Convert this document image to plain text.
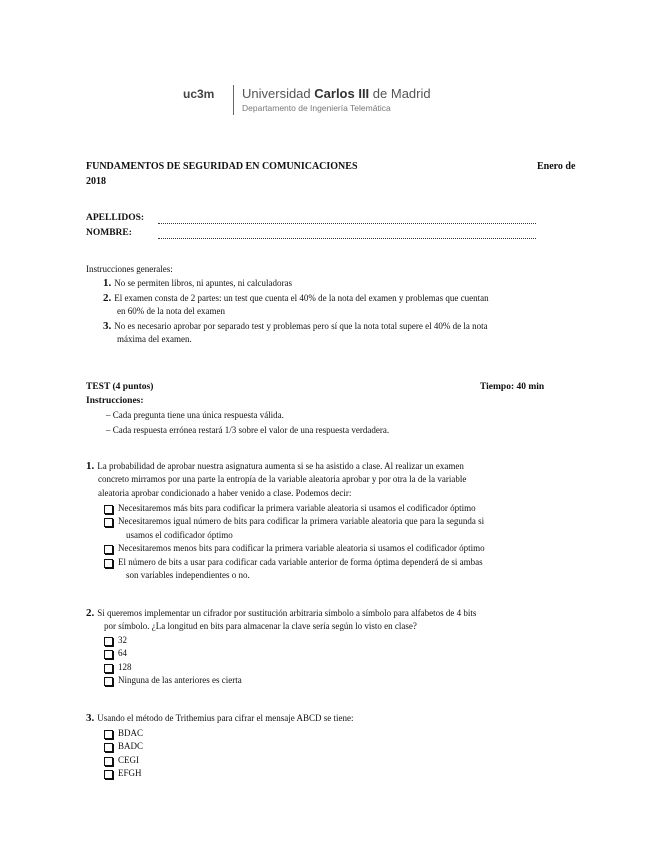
uc3m Universidad Carlos III de Madrid
Departamento de Ingeniería Telemática
FUNDAMENTOS DE SEGURIDAD EN COMUNICACIONES	Enero de
2018
APELLIDOS:
NOMBRE:
Instrucciones generales:
1. No se permiten libros, ni apuntes, ni calculadoras
2. El examen consta de 2 partes: un test que cuenta el 40% de la nota del examen y problemas que cuentan
en 60% de la nota del examen
3. No es necesario aprobar por separado test y problemas pero sí que la nota total supere el 40% de la nota
máxima del examen.
TEST (4 puntos)	Tiempo: 40 min
Instrucciones:
– Cada pregunta tiene una única respuesta válida.
– Cada respuesta errónea restará 1/3 sobre el valor de una respuesta verdadera.
1. La probabilidad de aprobar nuestra asignatura aumenta si se ha asistido a clase. Al realizar un examen
concreto mirramos por una parte la entropía de la variable aleatoria aprobar y por otra la de la variable
aleatoria aprobar condicionado a haber venido a clase. Podemos decir:
Necesitaremos más bits para codificar la primera variable aleatoria si usamos el codificador óptimo
Necesitaremos igual número de bits para codificar la primera variable aleatoria que para la segunda si
usamos el codificador óptimo
Necesitaremos menos bits para codificar la primera variable aleatoria si usamos el codificador óptimo
El número de bits a usar para codificar cada variable anterior de forma óptima dependerá de si ambas
son variables independientes o no.
2. Si queremos implementar un cifrador por sustitución arbitraria símbolo a símbolo para alfabetos de 4 bits
por símbolo. ¿La longitud en bits para almacenar la clave sería según lo visto en clase?
32
64
128
Ninguna de las anteriores es cierta
3. Usando el método de Trithemius para cifrar el mensaje ABCD se tiene:
BDAC
BADC
CEGI
EFGH
